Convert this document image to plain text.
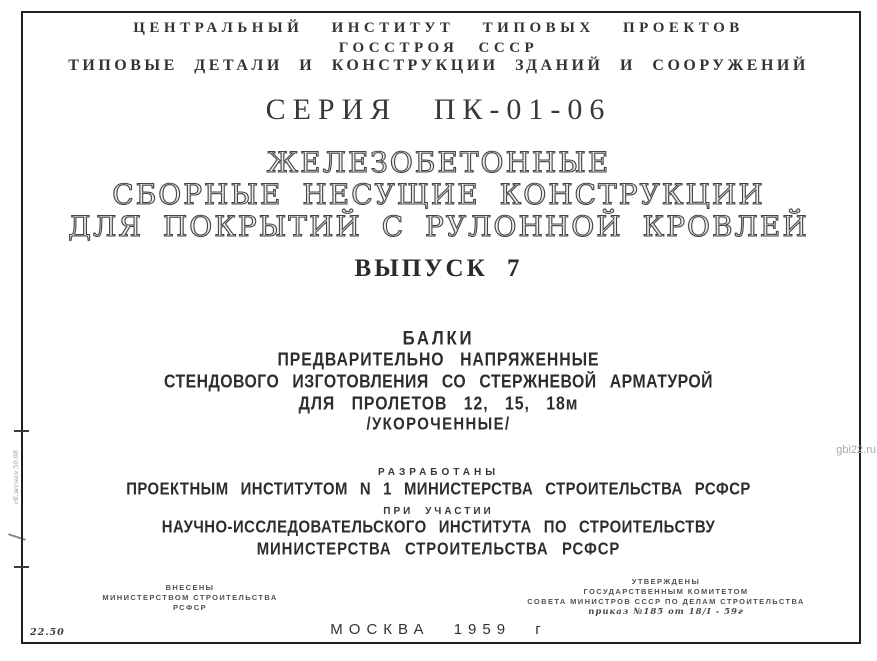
ЦЕНТРАЛЬНЫЙ ИНСТИТУТ ТИПОВЫХ ПРОЕКТОВ
ГОССТРОЯ СССР
ТИПОВЫЕ ДЕТАЛИ И КОНСТРУКЦИИ ЗДАНИЙ И СООРУЖЕНИЙ
СЕРИЯ ПК-01-06
ЖЕЛЕЗОБЕТОННЫЕ
СБОРНЫЕ НЕСУЩИЕ КОНСТРУКЦИИ
ДЛЯ ПОКРЫТИЙ С РУЛОННОЙ КРОВЛЕЙ
ВЫПУСК 7
БАЛКИ
ПРЕДВАРИТЕЛЬНО НАПРЯЖЕННЫЕ
СТЕНДОВОГО ИЗГОТОВЛЕНИЯ СО СТЕРЖНЕВОЙ АРМАТУРОЙ
ДЛЯ ПРОЛЕТОВ 12, 15, 18м
/УКОРОЧЕННЫЕ/
РАЗРАБОТАНЫ
ПРОЕКТНЫМ ИНСТИТУТОМ N 1 МИНИСТЕРСТВА СТРОИТЕЛЬСТВА РСФСР
ПРИ УЧАСТИИ
НАУЧНО-ИССЛЕДОВАТЕЛЬСКОГО ИНСТИТУТА ПО СТРОИТЕЛЬСТВУ
МИНИСТЕРСТВА СТРОИТЕЛЬСТВА РСФСР
ВНЕСЕНЫ
МИНИСТЕРСТВОМ СТРОИТЕЛЬСТВА
РСФСР
УТВЕРЖДЕНЫ
ГОСУДАРСТВЕННЫМ КОМИТЕТОМ
СОВЕТА МИНИСТРОВ СССР ПО ДЕЛАМ СТРОИТЕЛЬСТВА
приказ №185 от 18/I - 59г
МОСКВА 1959 г
22.50
сб.жсная 50.08
gbi22.ru
